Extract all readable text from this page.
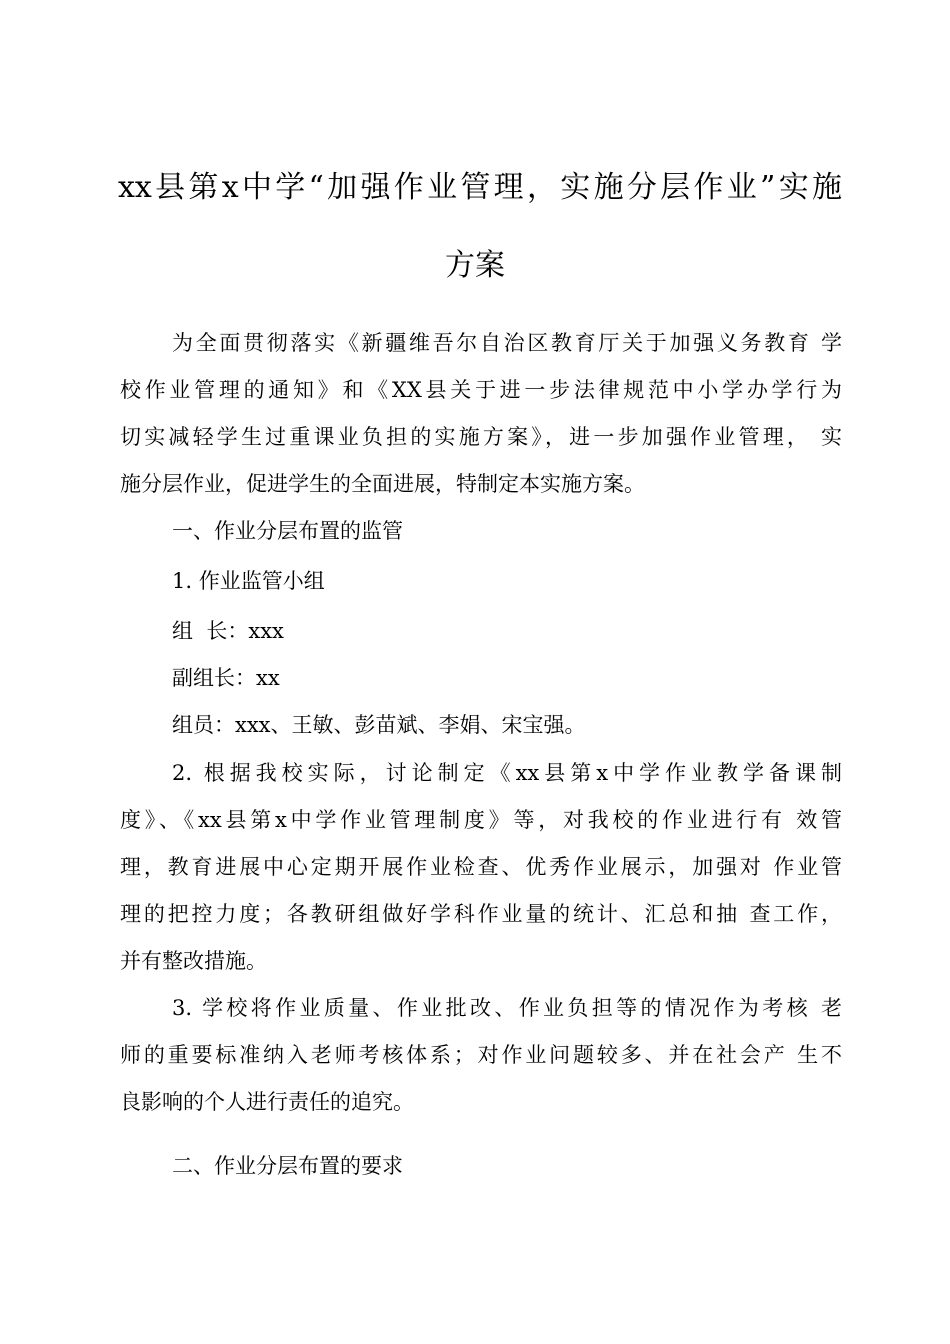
xx县第x中学“加强作业管理，实施分层作业”实施
方案
为全面贯彻落实《新疆维吾尔自治区教育厅关于加强义务教育 学
校作业管理的通知》和《XX县关于进一步法律规范中小学办学行为
切实减轻学生过重课业负担的实施方案》，进一步加强作业管理， 实
施分层作业，促进学生的全面进展，特制定本实施方案。
一、作业分层布置的监管
1. 作业监管小组
组  长：xxx
副组长：xx
组员：xxx、王敏、彭苗斌、李娟、宋宝强。
2. 根据我校实际，讨论制定《xx县第x中学作业教学备课制
度》、《xx县第x中学作业管理制度》等，对我校的作业进行有 效管
理，教育进展中心定期开展作业检查、优秀作业展示，加强对 作业管
理的把控力度；各教研组做好学科作业量的统计、汇总和抽 查工作，
并有整改措施。
3. 学校将作业质量、作业批改、作业负担等的情况作为考核 老
师的重要标准纳入老师考核体系；对作业问题较多、并在社会产 生不
良影响的个人进行责任的追究。
二、作业分层布置的要求
